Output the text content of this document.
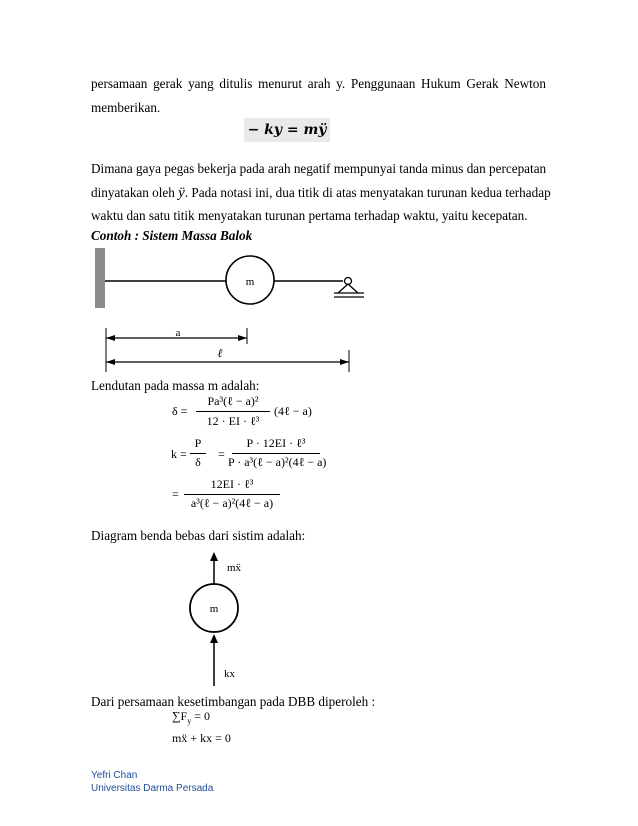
persamaan gerak yang ditulis menurut arah y. Penggunaan Hukum Gerak Newton
memberikan.
− ky = mÿ
Dimana gaya pegas bekerja pada arah negatif mempunyai tanda minus dan percepatan
dinyatakan oleh ÿ. Pada notasi ini, dua titik di atas menyatakan turunan kedua terhadap
waktu dan satu titik menyatakan turunan pertama terhadap waktu, yaitu kecepatan.
Contoh : Sistem Massa Balok
m
a
ℓ
Lendutan pada massa m adalah:
δ =
Pa³(ℓ − a)²
12 · EI · ℓ³
(4ℓ − a)
k =
P
δ
=
P · 12EI · ℓ³
P · a³(ℓ − a)²(4ℓ − a)
=
12EI · ℓ³
a³(ℓ − a)²(4ℓ − a)
Diagram benda bebas dari sistim adalah:
mẍ
m
kx
Dari persamaan kesetimbangan pada DBB diperoleh :
$\sum F_y = 0$
mẍ + kx = 0
Yefri Chan
Universitas Darma Persada
